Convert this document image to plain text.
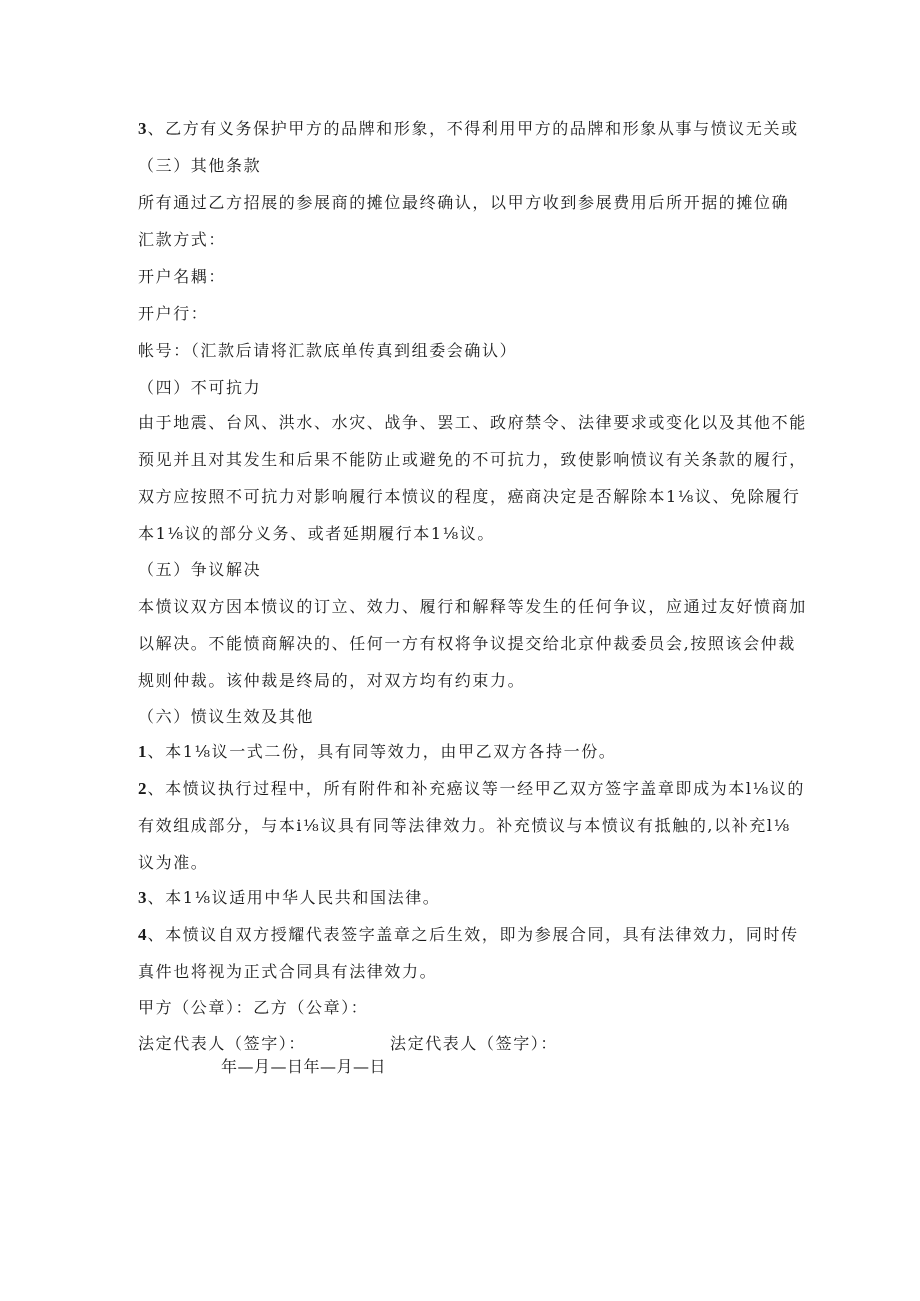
3、乙方有义务保护甲方的品牌和形象，不得利用甲方的品牌和形象从事与愤议无关或
（三）其他条款
所有通过乙方招展的参展商的摊位最终确认，以甲方收到参展费用后所开据的摊位确
汇款方式：
开户名耦：
开户行：
帐号：（汇款后请将汇款底单传真到组委会确认）
（四）不可抗力
由于地震、台风、洪水、水灾、战争、罢工、政府禁令、法律要求或变化以及其他不能
预见并且对其发生和后果不能防止或避免的不可抗力，致使影响愤议有关条款的履行，
双方应按照不可抗力对影响履行本愤议的程度，癌商决定是否解除本1⅛议、免除履行
本1⅛议的部分义务、或者延期履行本1⅛议。
（五）争议解决
本愤议双方因本愤议的订立、效力、履行和解释等发生的任何争议，应通过友好愤商加
以解决。不能愤商解决的、任何一方有权将争议提交给北京仲裁委员会,按照该会仲裁
规则仲裁。该仲裁是终局的，对双方均有约束力。
（六）愤议生效及其他
1、本1⅛议一式二份，具有同等效力，由甲乙双方各持一份。
2、本愤议执行过程中，所有附件和补充癌议等一经甲乙双方签字盖章即成为本l⅛议的
有效组成部分，与本i⅛议具有同等法律效力。补充愤议与本愤议有抵触的,以补充l⅛
议为准。
3、本1⅛议适用中华人民共和国法律。
4、本愤议自双方授耀代表签字盖章之后生效，即为参展合同，具有法律效力，同时传
真件也将视为正式合同具有法律效力。
甲方（公章）：乙方（公章）：
法定代表人（签字）：	法定代表人（签字）：
年—月—日年—月—日
